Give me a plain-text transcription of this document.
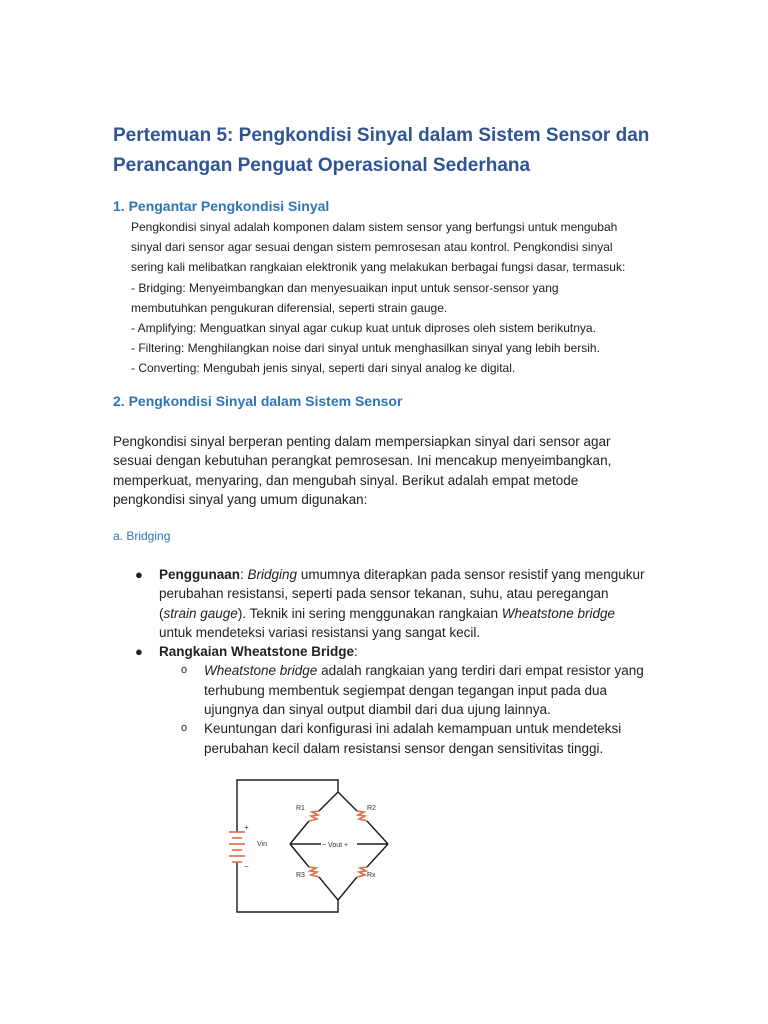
Pertemuan 5: Pengkondisi Sinyal dalam Sistem Sensor dan
Perancangan Penguat Operasional Sederhana
1. Pengantar Pengkondisi Sinyal
Pengkondisi sinyal adalah komponen dalam sistem sensor yang berfungsi untuk mengubah
sinyal dari sensor agar sesuai dengan sistem pemrosesan atau kontrol. Pengkondisi sinyal
sering kali melibatkan rangkaian elektronik yang melakukan berbagai fungsi dasar, termasuk:
- Bridging: Menyeimbangkan dan menyesuaikan input untuk sensor-sensor yang
membutuhkan pengukuran diferensial, seperti strain gauge.
- Amplifying: Menguatkan sinyal agar cukup kuat untuk diproses oleh sistem berikutnya.
- Filtering: Menghilangkan noise dari sinyal untuk menghasilkan sinyal yang lebih bersih.
- Converting: Mengubah jenis sinyal, seperti dari sinyal analog ke digital.
2. Pengkondisi Sinyal dalam Sistem Sensor
Pengkondisi sinyal berperan penting dalam mempersiapkan sinyal dari sensor agar
sesuai dengan kebutuhan perangkat pemrosesan. Ini mencakup menyeimbangkan,
memperkuat, menyaring, dan mengubah sinyal. Berikut adalah empat metode
pengkondisi sinyal yang umum digunakan:
a. Bridging
● Penggunaan: Bridging umumnya diterapkan pada sensor resistif yang mengukur
perubahan resistansi, seperti pada sensor tekanan, suhu, atau peregangan
(strain gauge). Teknik ini sering menggunakan rangkaian Wheatstone bridge
untuk mendeteksi variasi resistansi yang sangat kecil.
● Rangkaian Wheatstone Bridge:
o Wheatstone bridge adalah rangkaian yang terdiri dari empat resistor yang
terhubung membentuk segiempat dengan tegangan input pada dua
ujungnya dan sinyal output diambil dari dua ujung lainnya.
o Keuntungan dari konfigurasi ini adalah kemampuan untuk mendeteksi
perubahan kecil dalam resistansi sensor dengan sensitivitas tinggi.
R1	R2
R3	Rx
Vin	− Vout +
+
−
